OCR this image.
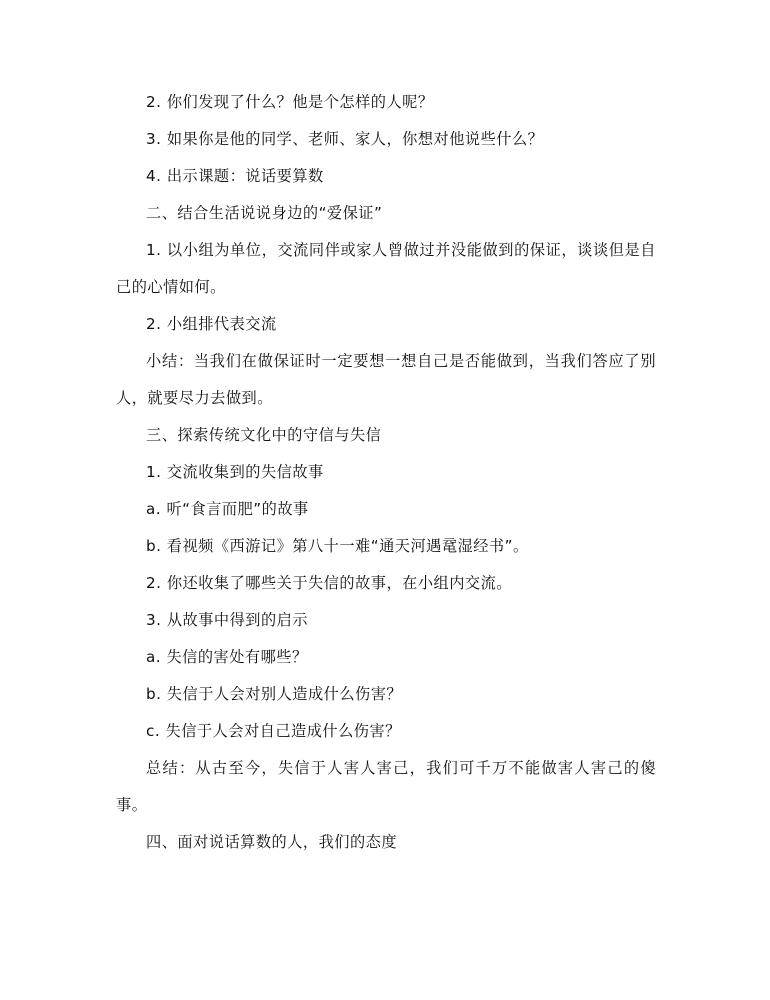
2. 你们发现了什么？他是个怎样的人呢？

3. 如果你是他的同学、老师、家人，你想对他说些什么？

4. 出示课题：说话要算数

二、结合生活说说身边的“爱保证”

1. 以小组为单位，交流同伴或家人曾做过并没能做到的保证，谈谈但是自己的心情如何。

2. 小组排代表交流

小结：当我们在做保证时一定要想一想自己是否能做到，当我们答应了别人，就要尽力去做到。

三、探索传统文化中的守信与失信

1. 交流收集到的失信故事

a. 听“食言而肥”的故事

b. 看视频《西游记》第八十一难“通天河遇鼋湿经书”。

2. 你还收集了哪些关于失信的故事，在小组内交流。

3. 从故事中得到的启示

a. 失信的害处有哪些？

b. 失信于人会对别人造成什么伤害？

c. 失信于人会对自己造成什么伤害？

总结：从古至今，失信于人害人害己，我们可千万不能做害人害己的傻事。

四、面对说话算数的人，我们的态度
